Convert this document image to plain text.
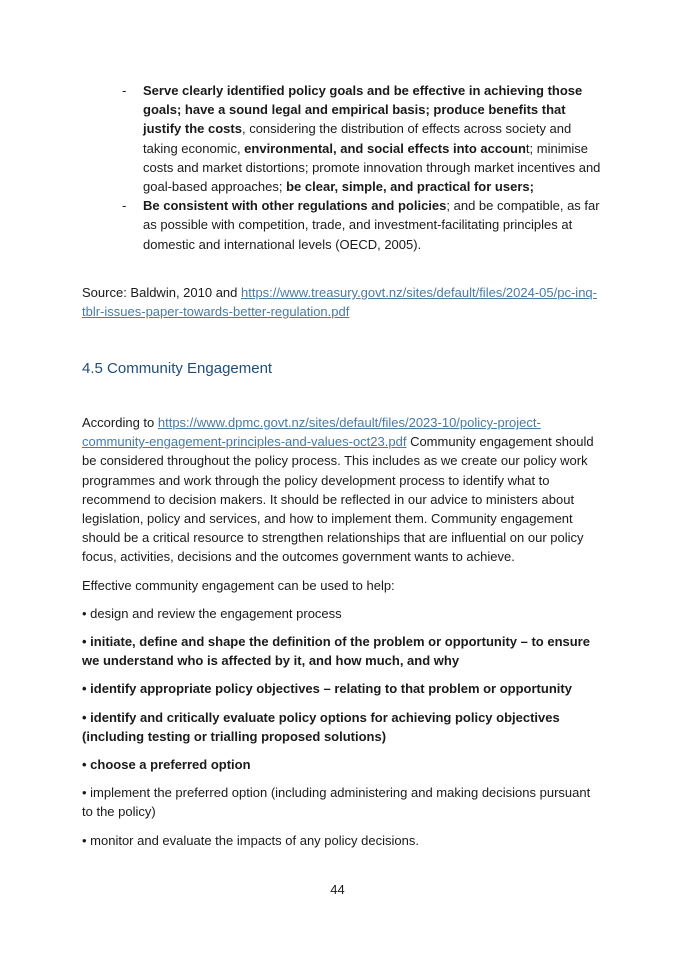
- Serve clearly identified policy goals and be effective in achieving those goals; have a sound legal and empirical basis; produce benefits that justify the costs, considering the distribution of effects across society and taking economic, environmental, and social effects into account; minimise costs and market distortions; promote innovation through market incentives and goal-based approaches; be clear, simple, and practical for users;

- Be consistent with other regulations and policies; and be compatible, as far as possible with competition, trade, and investment-facilitating principles at domestic and international levels (OECD, 2005).

Source: Baldwin, 2010 and https://www.treasury.govt.nz/sites/default/files/2024-05/pc-inq-tblr-issues-paper-towards-better-regulation.pdf

4.5 Community Engagement

According to https://www.dpmc.govt.nz/sites/default/files/2023-10/policy-project-community-engagement-principles-and-values-oct23.pdf Community engagement should be considered throughout the policy process. This includes as we create our policy work programmes and work through the policy development process to identify what to recommend to decision makers. It should be reflected in our advice to ministers about legislation, policy and services, and how to implement them. Community engagement should be a critical resource to strengthen relationships that are influential on our policy focus, activities, decisions and the outcomes government wants to achieve.

Effective community engagement can be used to help:

• design and review the engagement process

• initiate, define and shape the definition of the problem or opportunity – to ensure we understand who is affected by it, and how much, and why

• identify appropriate policy objectives – relating to that problem or opportunity

• identify and critically evaluate policy options for achieving policy objectives (including testing or trialling proposed solutions)

• choose a preferred option

• implement the preferred option (including administering and making decisions pursuant to the policy)

• monitor and evaluate the impacts of any policy decisions.

44
